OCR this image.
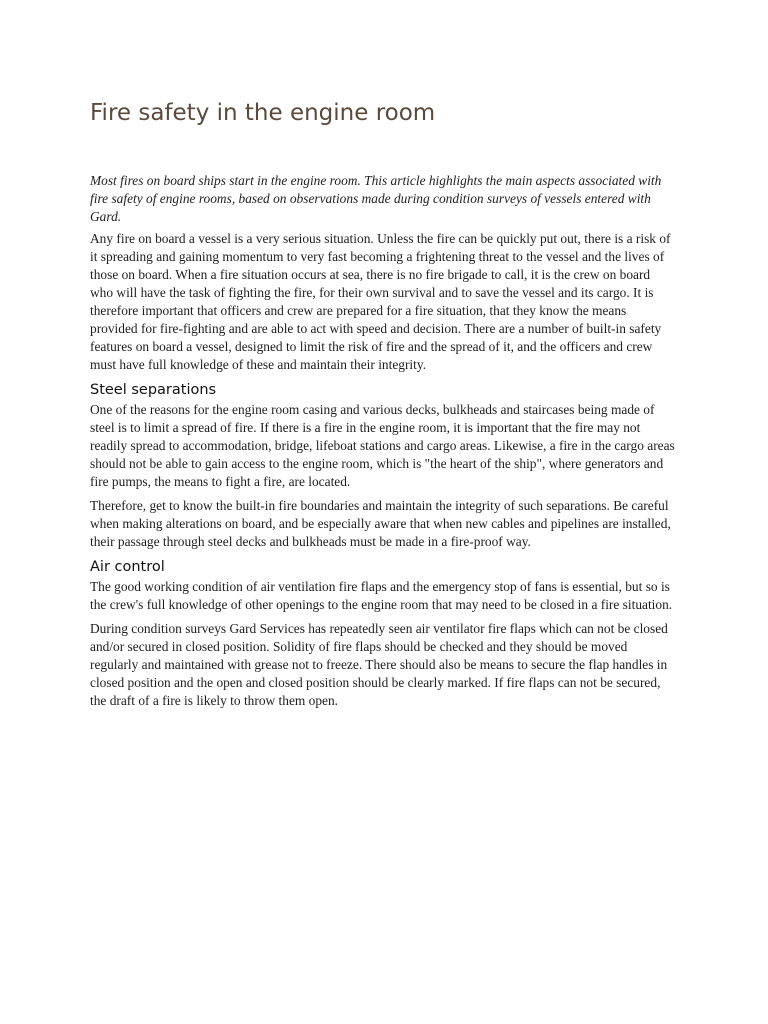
Fire safety in the engine room

Most fires on board ships start in the engine room. This article highlights the main aspects associated with fire safety of engine rooms, based on observations made during condition surveys of vessels entered with Gard.

Any fire on board a vessel is a very serious situation. Unless the fire can be quickly put out, there is a risk of it spreading and gaining momentum to very fast becoming a frightening threat to the vessel and the lives of those on board. When a fire situation occurs at sea, there is no fire brigade to call, it is the crew on board who will have the task of fighting the fire, for their own survival and to save the vessel and its cargo. It is therefore important that officers and crew are prepared for a fire situation, that they know the means provided for fire-fighting and are able to act with speed and decision. There are a number of built-in safety features on board a vessel, designed to limit the risk of fire and the spread of it, and the officers and crew must have full knowledge of these and maintain their integrity.

Steel separations

One of the reasons for the engine room casing and various decks, bulkheads and staircases being made of steel is to limit a spread of fire. If there is a fire in the engine room, it is important that the fire may not readily spread to accommodation, bridge, lifeboat stations and cargo areas. Likewise, a fire in the cargo areas should not be able to gain access to the engine room, which is "the heart of the ship", where generators and fire pumps, the means to fight a fire, are located.

Therefore, get to know the built-in fire boundaries and maintain the integrity of such separations. Be careful when making alterations on board, and be especially aware that when new cables and pipelines are installed, their passage through steel decks and bulkheads must be made in a fire-proof way.

Air control

The good working condition of air ventilation fire flaps and the emergency stop of fans is essential, but so is the crew's full knowledge of other openings to the engine room that may need to be closed in a fire situation.

During condition surveys Gard Services has repeatedly seen air ventilator fire flaps which can not be closed and/or secured in closed position. Solidity of fire flaps should be checked and they should be moved regularly and maintained with grease not to freeze. There should also be means to secure the flap handles in closed position and the open and closed position should be clearly marked. If fire flaps can not be secured, the draft of a fire is likely to throw them open.
